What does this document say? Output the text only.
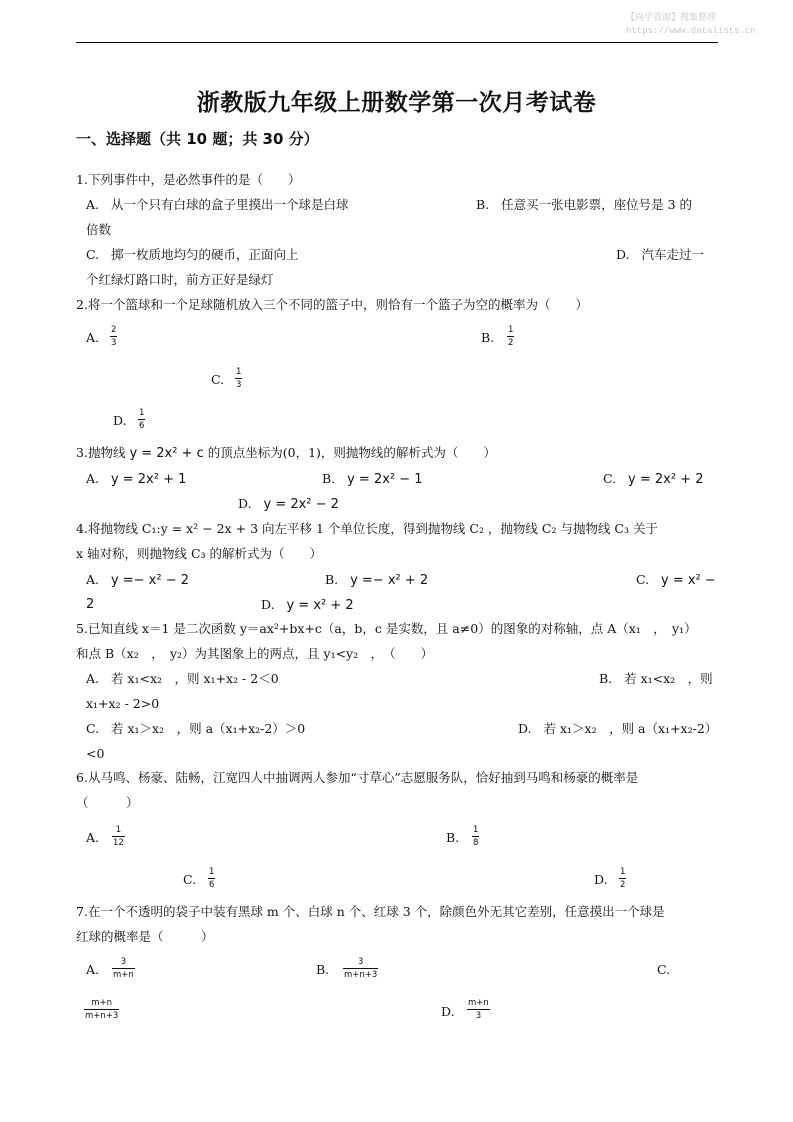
【尚学资源】搜集整理
https://www.datalists.cn
浙教版九年级上册数学第一次月考试卷
一、选择题（共 10 题；共 30 分）
1.下列事件中，是必然事件的是（　　）
A. 从一个只有白球的盒子里摸出一个球是白球	B. 任意买一张电影票，座位号是 3 的
倍数
C. 掷一枚质地均匀的硬币，正面向上	D. 汽车走过一
个红绿灯路口时，前方正好是绿灯
2.将一个篮球和一个足球随机放入三个不同的篮子中，则恰有一个篮子为空的概率为（　　）
A. 2
3	B. 1
2
C. 1
3
D. 1
6
3.抛物线 y = 2x² + c 的顶点坐标为(0，1)，则抛物线的解析式为（　　）
A. y = 2x² + 1	B. y = 2x² − 1	C. y = 2x² + 2
D. y = 2x² − 2
4.将抛物线 C₁:y = x² − 2x + 3 向左平移 1 个单位长度，得到抛物线 C₂ ，抛物线 C₂ 与抛物线 C₃ 关于
x 轴对称，则抛物线 C₃ 的解析式为（　　）
A. y =− x² − 2	B. y =− x² + 2	C. y = x² −
2	D. y = x² + 2
5.已知直线 x＝1 是二次函数 y＝ax²+bx+c（a，b，c 是实数，且 a≠0）的图象的对称轴，点 A（x₁　，　y₁）
和点 B（x₂　，　y₂）为其图象上的两点，且 y₁<y₂　，　（　　）
A. 若 x₁<x₂　，则 x₁+x₂ - 2＜0	B. 若 x₁<x₂　，则
x₁+x₂ - 2>0
C. 若 x₁＞x₂　，则 a（x₁+x₂-2）＞0	D. 若 x₁＞x₂　，则 a（x₁+x₂-2）
<0
6.从马鸣、杨豪、陆畅，江宽四人中抽调两人参加“寸草心”志愿服务队，恰好抽到马鸣和杨豪的概率是
（　　　）
A. 1
12	B. 1
8
C. 1
6	D. 1
2
7.在一个不透明的袋子中装有黑球 m 个、白球 n 个、红球 3 个，除颜色外无其它差别，任意摸出一个球是
红球的概率是（　　　）
A.	3
m+n	B.	3
m+n+3	C.
m+n
m+n+3	D.
m+n
3
